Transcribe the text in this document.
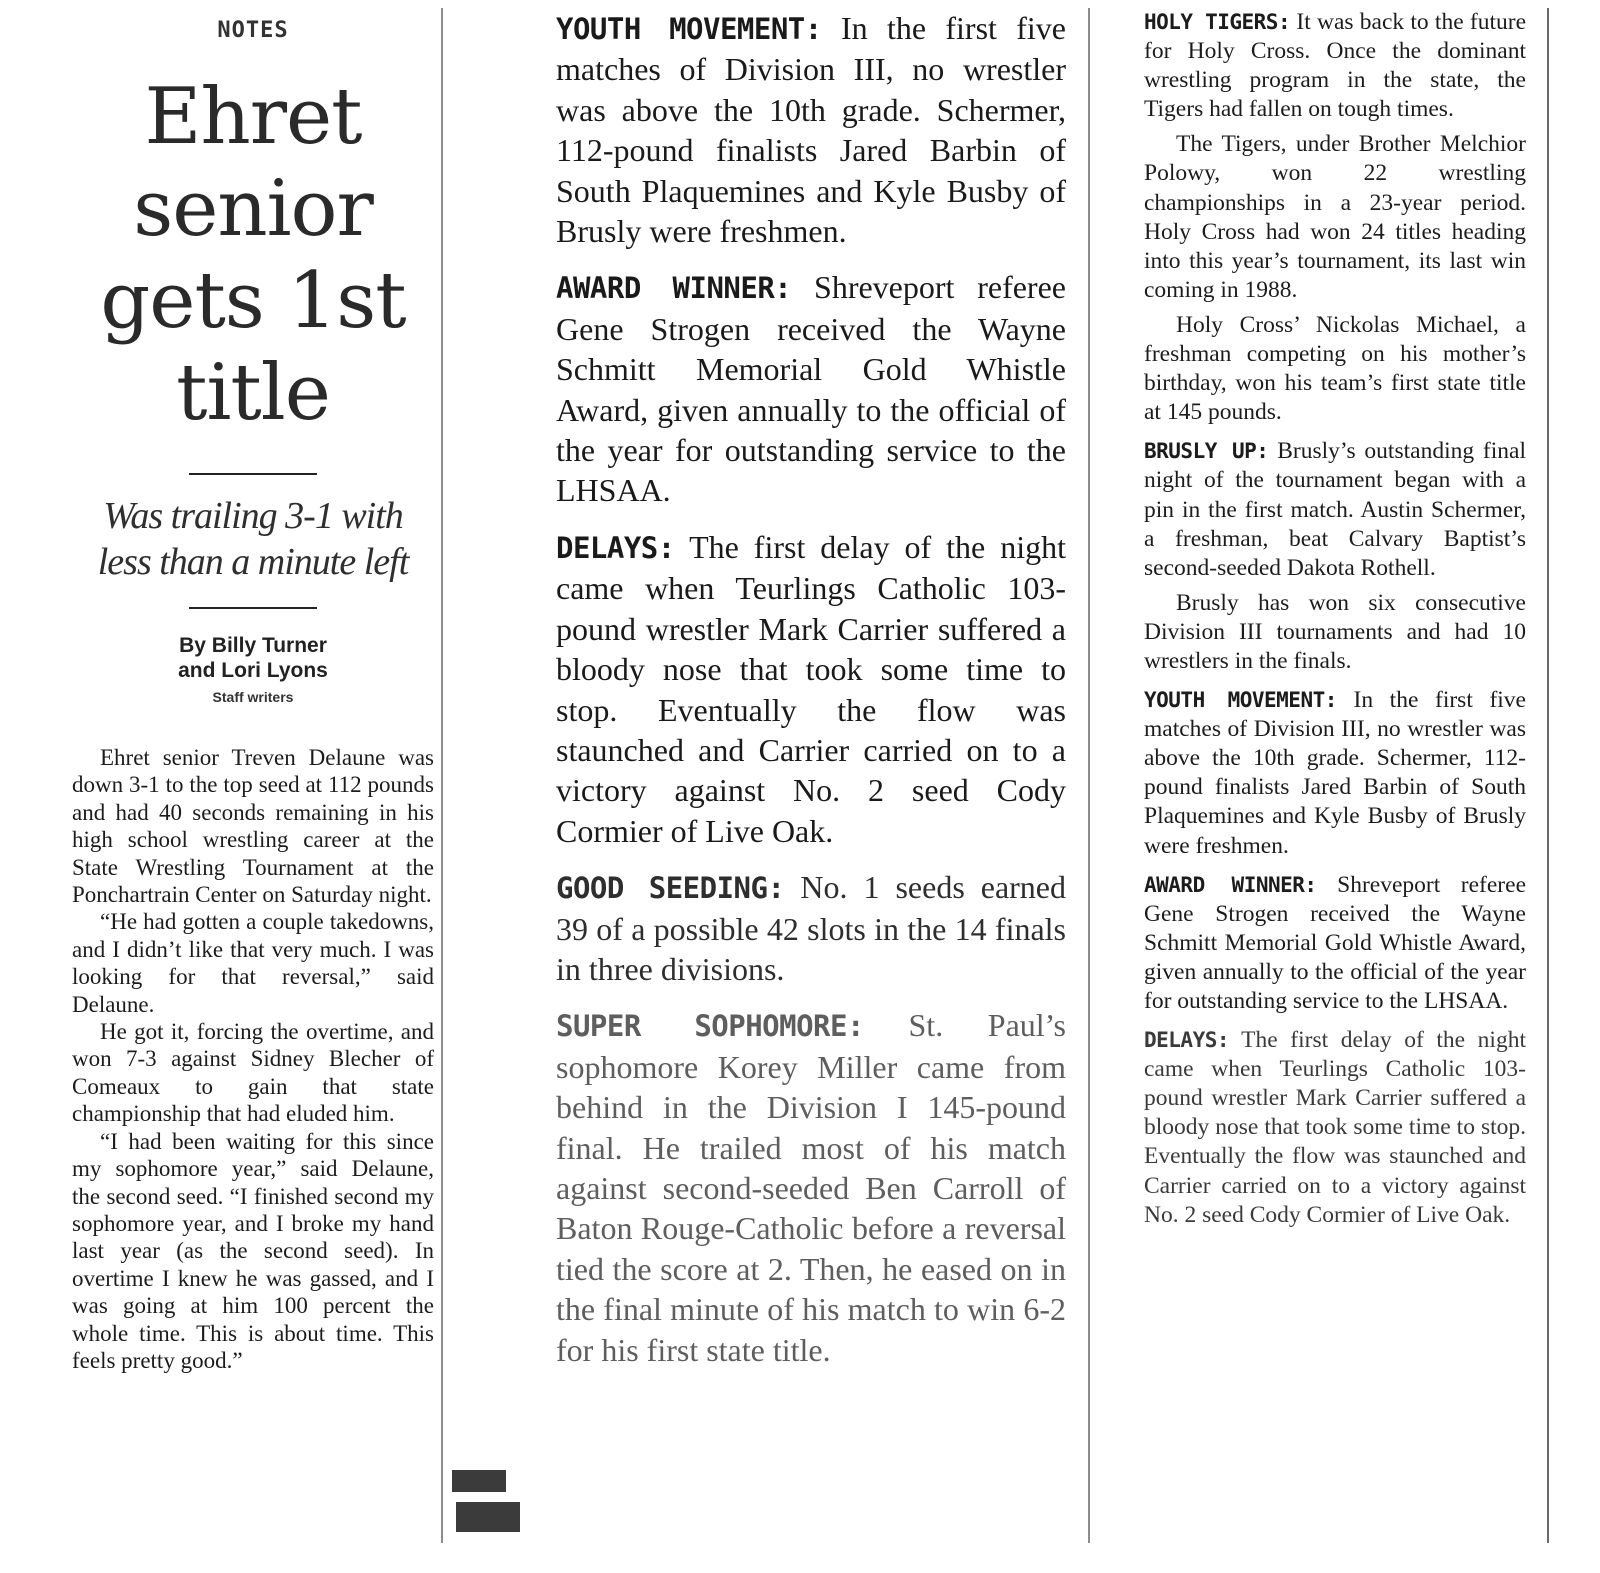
NOTES
Ehret
senior
gets 1st
title
Was trailing 3-1 with
less than a minute left
By Billy Turner
and Lori Lyons
Staff writers

Ehret senior Treven Delaune was down 3-1 to the top seed at 112 pounds and had 40 seconds remaining in his high school wrestling career at the State Wrestling Tournament at the Ponchartrain Center on Saturday night.

“He had gotten a couple takedowns, and I didn’t like that very much. I was looking for that reversal,” said Delaune.

He got it, forcing the overtime, and won 7-3 against Sidney Blecher of Comeaux to gain that state championship that had eluded him.

“I had been waiting for this since my sophomore year,” said Delaune, the second seed. “I finished second my sophomore year, and I broke my hand last year (as the second seed). In overtime I knew he was gassed, and I was going at him 100 percent the whole time. This is about time. This feels pretty good.”

YOUTH MOVEMENT: In the first five matches of Division III, no wrestler was above the 10th grade. Schermer, 112-pound finalists Jared Barbin of South Plaquemines and Kyle Busby of Brusly were freshmen.

AWARD WINNER: Shreveport referee Gene Strogen received the Wayne Schmitt Memorial Gold Whistle Award, given annually to the official of the year for outstanding service to the LHSAA.

DELAYS: The first delay of the night came when Teurlings Catholic 103-pound wrestler Mark Carrier suffered a bloody nose that took some time to stop. Eventually the flow was staunched and Carrier carried on to a victory against No. 2 seed Cody Cormier of Live Oak.

GOOD SEEDING: No. 1 seeds earned 39 of a possible 42 slots in the 14 finals in three divisions.

SUPER SOPHOMORE: St. Paul’s sophomore Korey Miller came from behind in the Division I 145-pound final. He trailed most of his match against second-seeded Ben Carroll of Baton Rouge-Catholic before a reversal tied the score at 2. Then, he eased on in the final minute of his match to win 6-2 for his first state title.

HOLY TIGERS: It was back to the future for Holy Cross. Once the dominant wrestling program in the state, the Tigers had fallen on tough times.

The Tigers, under Brother Melchior Polowy, won 22 wrestling championships in a 23-year period. Holy Cross had won 24 titles heading into this year’s tournament, its last win coming in 1988.

Holy Cross’ Nickolas Michael, a freshman competing on his mother’s birthday, won his team’s first state title at 145 pounds.

BRUSLY UP: Brusly’s outstanding final night of the tournament began with a pin in the first match. Austin Schermer, a freshman, beat Calvary Baptist’s second-seeded Dakota Rothell.

Brusly has won six consecutive Division III tournaments and had 10 wrestlers in the finals.

YOUTH MOVEMENT: In the first five matches of Division III, no wrestler was above the 10th grade. Schermer, 112-pound finalists Jared Barbin of South Plaquemines and Kyle Busby of Brusly were freshmen.

AWARD WINNER: Shreveport referee Gene Strogen received the Wayne Schmitt Memorial Gold Whistle Award, given annually to the official of the year for outstanding service to the LHSAA.

DELAYS: The first delay of the night came when Teurlings Catholic 103-pound wrestler Mark Carrier suffered a bloody nose that took some time to stop. Eventually the flow was staunched and Carrier carried on to a victory against No. 2 seed Cody Cormier of Live Oak.
